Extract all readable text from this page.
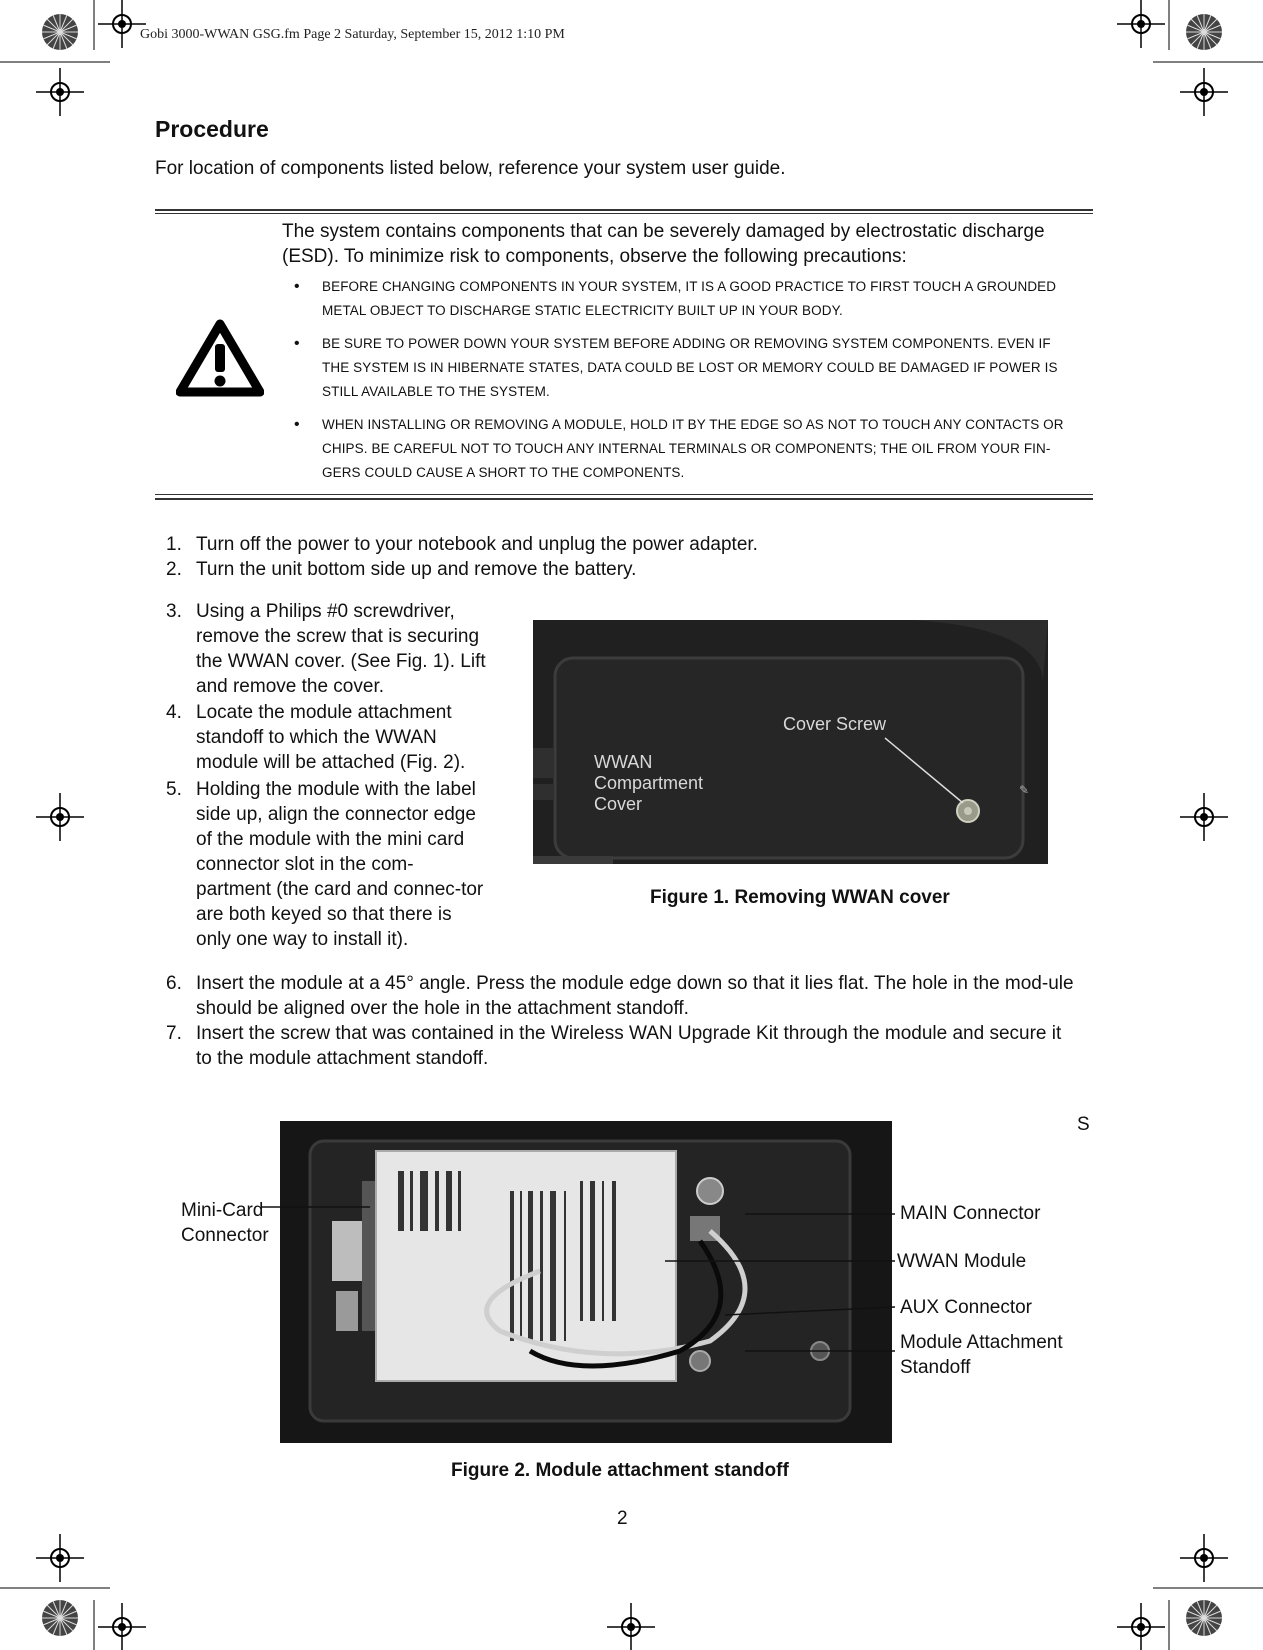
Gobi 3000-WWAN GSG.fm Page 2 Saturday, September 15, 2012 1:10 PM
Procedure
For location of components listed below, reference your system user guide.
The system contains components that can be severely damaged by electrostatic discharge (ESD). To minimize risk to components, observe the following precautions:
• BEFORE CHANGING COMPONENTS IN YOUR SYSTEM, IT IS A GOOD PRACTICE TO FIRST TOUCH A GROUNDED METAL OBJECT TO DISCHARGE STATIC ELECTRICITY BUILT UP IN YOUR BODY.
• BE SURE TO POWER DOWN YOUR SYSTEM BEFORE ADDING OR REMOVING SYSTEM COMPONENTS. EVEN IF THE SYSTEM IS IN HIBERNATE STATES, DATA COULD BE LOST OR MEMORY COULD BE DAMAGED IF POWER IS STILL AVAILABLE TO THE SYSTEM.
• WHEN INSTALLING OR REMOVING A MODULE, HOLD IT BY THE EDGE SO AS NOT TO TOUCH ANY CONTACTS OR CHIPS. BE CAREFUL NOT TO TOUCH ANY INTERNAL TERMINALS OR COMPONENTS; THE OIL FROM YOUR FIN-GERS COULD CAUSE A SHORT TO THE COMPONENTS.
1. Turn off the power to your notebook and unplug the power adapter.
2. Turn the unit bottom side up and remove the battery.
3. Using a Philips #0 screwdriver, remove the screw that is securing the WWAN cover. (See Fig. 1). Lift and remove the cover.
4. Locate the module attachment standoff to which the WWAN module will be attached (Fig. 2).
5. Holding the module with the label side up, align the connector edge of the module with the mini card connector slot in the com-partment (the card and connec-tor are both keyed so that there is only one way to install it).
✎
Cover Screw
WWAN Compartment Cover
Figure 1. Removing WWAN cover
6. Insert the module at a 45° angle. Press the module edge down so that it lies flat. The hole in the mod-ule should be aligned over the hole in the attachment standoff.
7. Insert the screw that was contained in the Wireless WAN Upgrade Kit through the module and secure it to the module attachment standoff.
S
Mini-Card Connector
MAIN Connector
WWAN Module
AUX Connector
Module Attachment Standoff
Figure 2. Module attachment standoff
2
